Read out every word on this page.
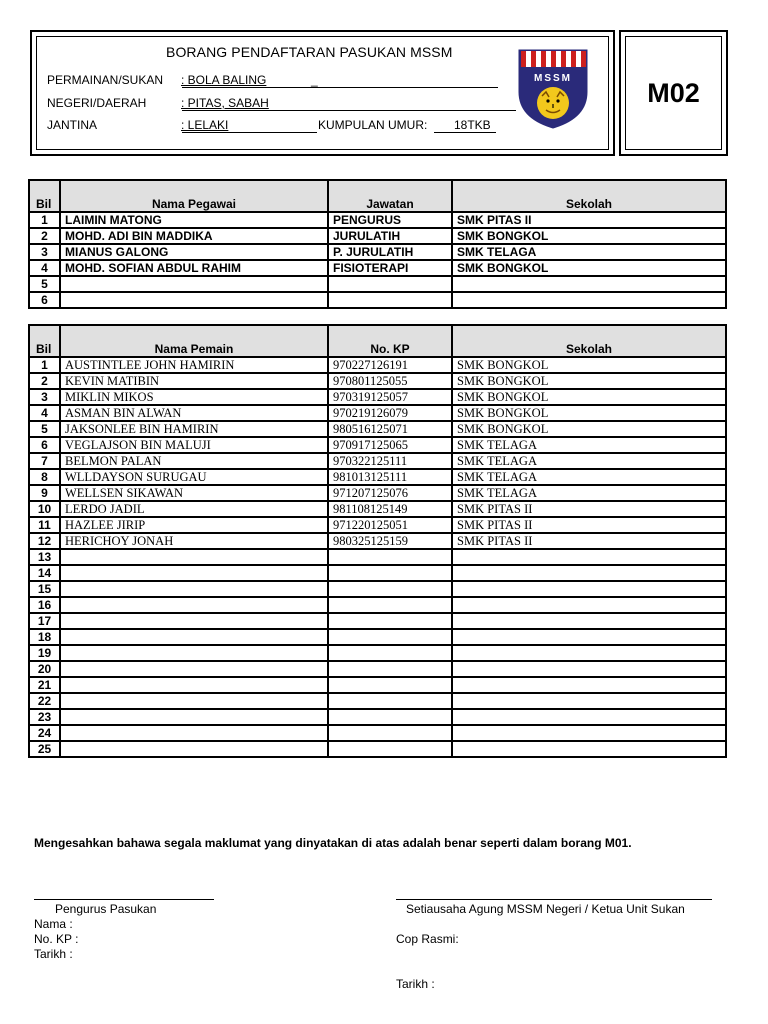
M02
BORANG PENDAFTARAN PASUKAN MSSM
PERMAINAN/SUKAN : BOLA BALING	_
NEGERI/DAERAH	: PITAS, SABAH
JANTINA	: LELAKI	KUMPULAN UMUR: 18TKB
MSSM
Bil	Nama Pegawai	Jawatan	Sekolah
1	LAIMIN MATONG	PENGURUS	SMK PITAS II
2	MOHD. ADI BIN MADDIKA	JURULATIH	SMK BONGKOL
3	MIANUS GALONG	P. JURULATIH	SMK TELAGA
4	MOHD. SOFIAN ABDUL RAHIM	FISIOTERAPI	SMK BONGKOL
5			
6			
Bil	Nama Pemain	No. KP	Sekolah
1	AUSTINTLEE JOHN HAMIRIN	970227126191	SMK BONGKOL
2	KEVIN MATIBIN	970801125055	SMK BONGKOL
3	MIKLIN MIKOS	970319125057	SMK BONGKOL
4	ASMAN BIN ALWAN	970219126079	SMK BONGKOL
5	JAKSONLEE BIN HAMIRIN	980516125071	SMK BONGKOL
6	VEGLAJSON BIN MALUJI	970917125065	SMK TELAGA
7	BELMON PALAN	970322125111	SMK TELAGA
8	WLLDAYSON SURUGAU	981013125111	SMK TELAGA
9	WELLSEN SIKAWAN	971207125076	SMK TELAGA
10	LERDO JADIL	981108125149	SMK PITAS II
11	HAZLEE JIRIP	971220125051	SMK PITAS II
12	HERICHOY JONAH	980325125159	SMK PITAS II
13			
14			
15			
16			
17			
18			
19			
20			
21			
22			
23			
24			
25			
Mengesahkan bahawa segala maklumat yang dinyatakan di atas adalah benar seperti dalam borang M01.
Pengurus Pasukan
Nama :
No. KP :
Tarikh :
Setiausaha Agung MSSM Negeri / Ketua Unit Sukan
Cop Rasmi:
Tarikh :
